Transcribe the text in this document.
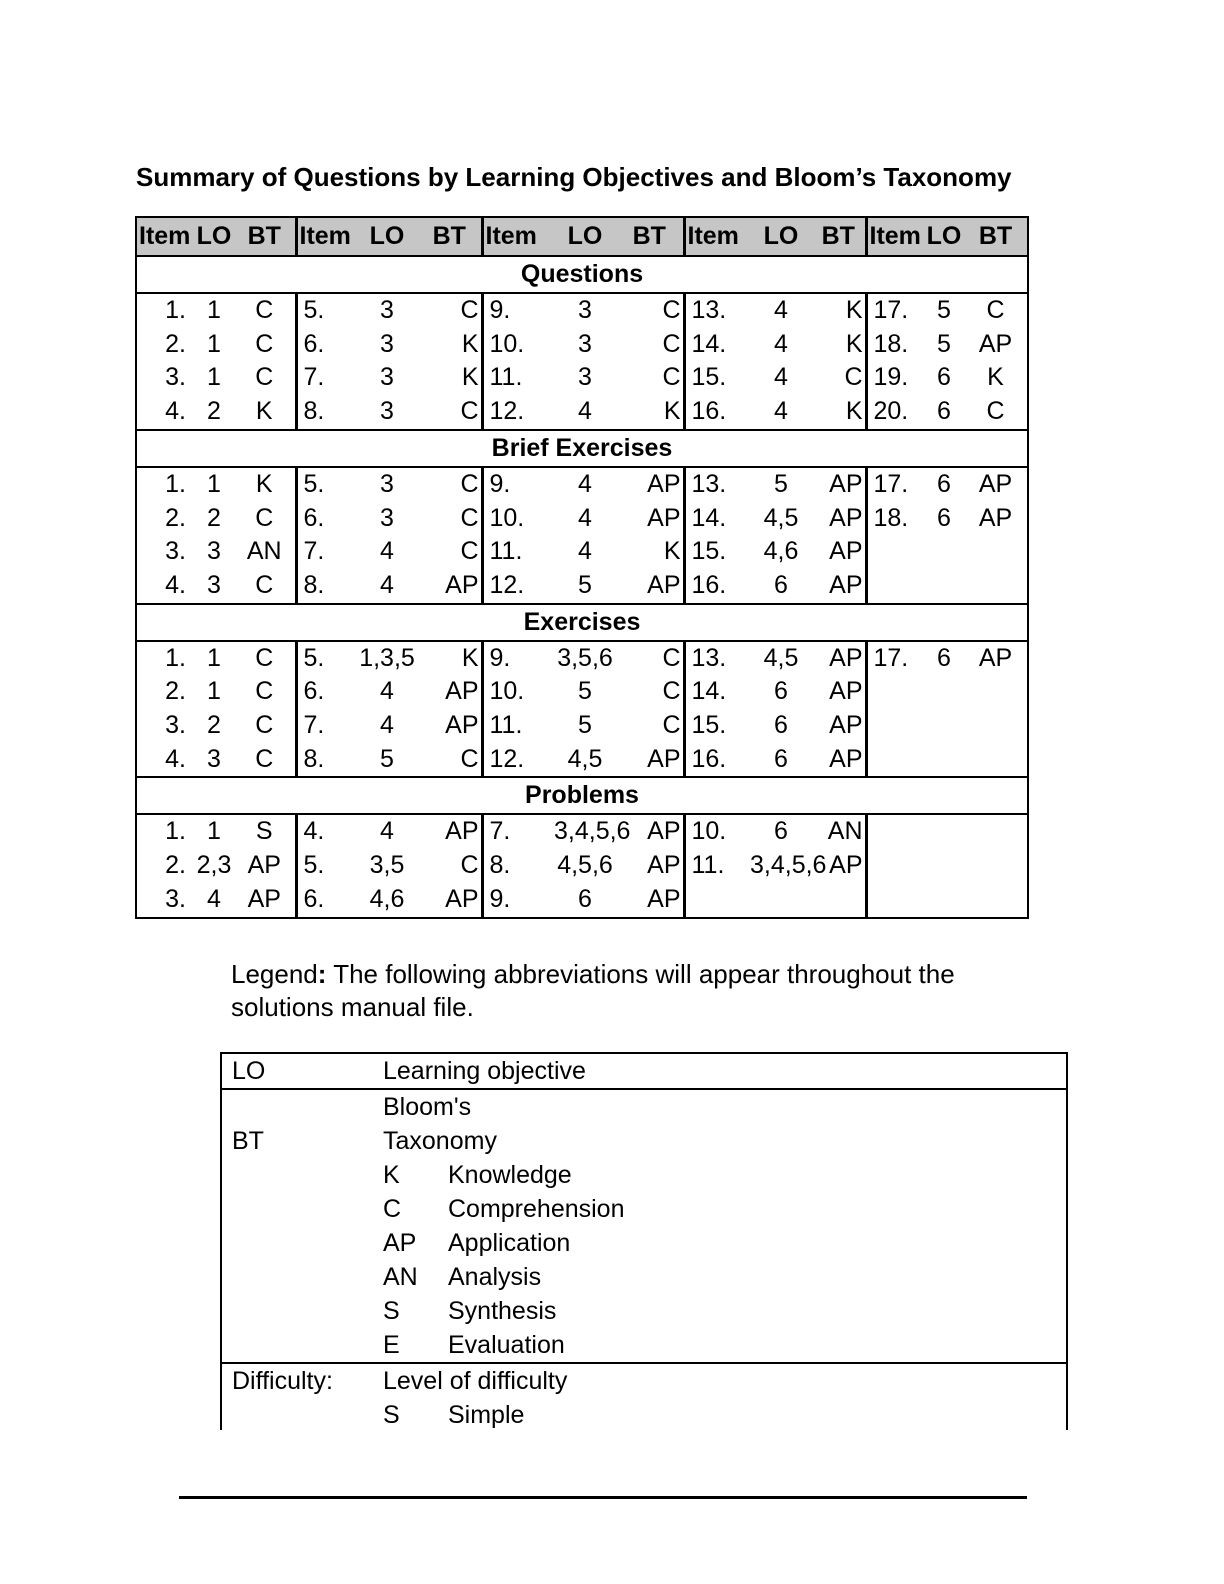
Summary of Questions by Learning Objectives and Bloom’s Taxonomy
Item	LO	BT	Item	LO	BT	Item	LO	BT	Item	LO	BT	Item	LO	BT
Questions														
1.	1	C	5.	3	C	9.	3	C	13.	4	K	17.	5	C
2.	1	C	6.	3	K	10.	3	C	14.	4	K	18.	5	AP
3.	1	C	7.	3	K	11.	3	C	15.	4	C	19.	6	K
4.	2	K	8.	3	C	12.	4	K	16.	4	K	20.	6	C
Brief Exercises														
1.	1	K	5.	3	C	9.	4	AP	13.	5	AP	17.	6	AP
2.	2	C	6.	3	C	10.	4	AP	14.	4,5	AP	18.	6	AP
3.	3	AN	7.	4	C	11.	4	K	15.	4,6	AP			
4.	3	C	8.	4	AP	12.	5	AP	16.	6	AP			
Exercises														
1.	1	C	5.	1,3,5	K	9.	3,5,6	C	13.	4,5	AP	17.	6	AP
2.	1	C	6.	4	AP	10.	5	C	14.	6	AP			
3.	2	C	7.	4	AP	11.	5	C	15.	6	AP			
4.	3	C	8.	5	C	12.	4,5	AP	16.	6	AP			
Problems														
1.	1	S	4.	4	AP	7.	3,4,5,6	AP	10.	6	AN			
2.	2,3	AP	5.	3,5	C	8.	4,5,6	AP	11.	3,4,5,6	AP			
3.	4	AP	6.	4,6	AP	9.	6	AP						
Legend: The following abbreviations will appear throughout the solutions manual file.
LO	Learning objective
Bloom's
BT	Taxonomy
K Knowledge
C Comprehension
AP Application
AN Analysis
S Synthesis
E Evaluation
Difficulty: Level of difficulty
S Simple
